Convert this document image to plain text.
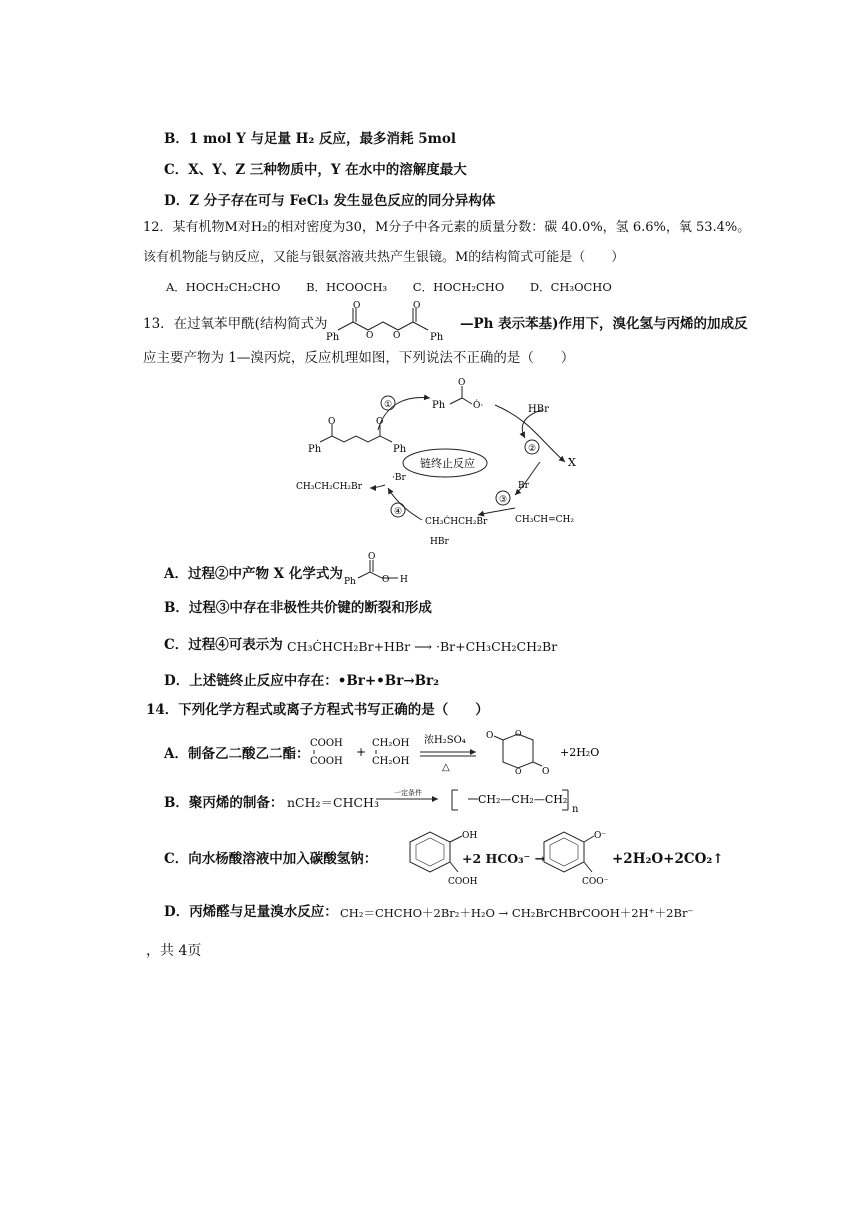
B．1 mol Y 与足量 H₂ 反应，最多消耗 5mol
C．X、Y、Z 三种物质中，Y 在水中的溶解度最大
D．Z 分子存在可与 FeCl₃ 发生显色反应的同分异构体
12．某有机物M对H₂的相对密度为30，M分子中各元素的质量分数：碳 40.0%，氢 6.6%，氧 53.4%。
该有机物能与钠反应，又能与银氨溶液共热产生银镜。M的结构简式可能是（　　）
A．HOCH₂CH₂CHO B．HCOOCH₃ C．HOCH₂CHO D．CH₃OCHO
13．在过氧苯甲酰(结构简式为
O	O
O O
Ph	Ph
—Ph 表示苯基)作用下，溴化氢与丙烯的加成反
应主要产物为 1—溴丙烷，反应机理如图，下列说法不正确的是（　　）
O	O
Ph	Ph
Ph
O
Ȯ·
①	HBr
②
X
链终止反应
·Br
Br
③
CH₃CH=CH₂
CH₃ĊHCH₂Br
HBr
④
CH₃CH₂CH₂Br
A．过程②中产物 X 化学式为
O
O H
Ph
B．过程③中存在非极性共价键的断裂和形成
C．过程④可表示为 CH₃ĊHCH₂Br+HBr ⟶ ·Br+CH₃CH₂CH₂Br
D．上述链终止反应中存在：•Br+•Br→Br₂
14．下列化学方程式或离子方程式书写正确的是（　　）
A．制备乙二酸乙二酯：
COOH
COOH
+
CH₂OH
CH₂OH
浓H₂SO₄
△
O	O
O O
+2H₂O
B．聚丙烯的制备： nCH₂＝CHCH₃
一定条件	CH₂—CH₂—CH₂
n
C．向水杨酸溶液中加入碳酸氢钠：
OH
COOH
+2 HCO₃⁻ →
O⁻
COO⁻
+2H₂O+2CO₂↑
D．丙烯醛与足量溴水反应： CH₂＝CHCHO＋2Br₂＋H₂O → CH₂BrCHBrCOOH＋2H⁺＋2Br⁻
，共 4页
